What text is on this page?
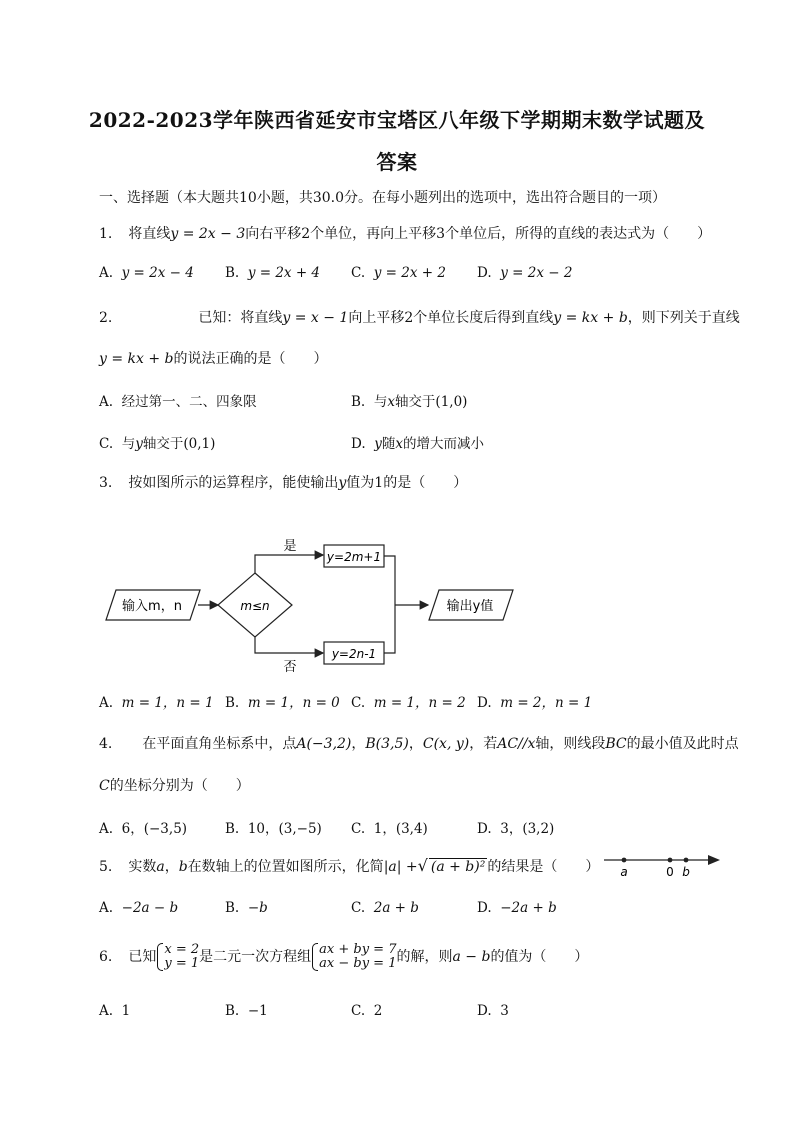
2022-2023学年陕西省延安市宝塔区八年级下学期期末数学试题及
答案
一、选择题（本大题共10小题，共30.0分。在每小题列出的选项中，选出符合题目的一项）
1. 将直线y = 2x − 3向右平移2个单位，再向上平移3个单位后，所得的直线的表达式为（　　）
A. y = 2x − 4 B. y = 2x + 4 C. y = 2x + 2 D. y = 2x − 2
2.	已知：将直线y = x − 1向上平移2个单位长度后得到直线y = kx + b，则下列关于直线
y = kx + b的说法正确的是（　　）
A. 经过第一、二、四象限	B. 与x轴交于(1,0)
C. 与y轴交于(0,1)	D. y随x的增大而减小
3. 按如图所示的运算程序，能使输出y值为1的是（　　）
输入m，n	m≤n
是
y=2m+1
否
y=2n-1
输出y值
A. m = 1，n = 1 B. m = 1，n = 0 C. m = 1，n = 2 D. m = 2，n = 1
4. 在平面直角坐标系中，点A(−3,2)，B(3,5)，C(x, y)，若AC//x轴，则线段BC的最小值及此时点
C的坐标分别为（　　）
A. 6，(−3,5)	B. 10，(3,−5) C. 1，(3,4)	D. 3，(3,2)
5. 实数a，b在数轴上的位置如图所示，化简|a| +√ (a + b)² 的结果是（　　） a	0 b
A. −2a − b	B. −b	C. 2a + b	D. −2a + b
6. 已知 x = 2
y = 1 是二元一次方程组 ax + by = 7
ax − by = 1 的解，则a − b的值为（　　）
A. 1	B. −1	C. 2	D. 3
